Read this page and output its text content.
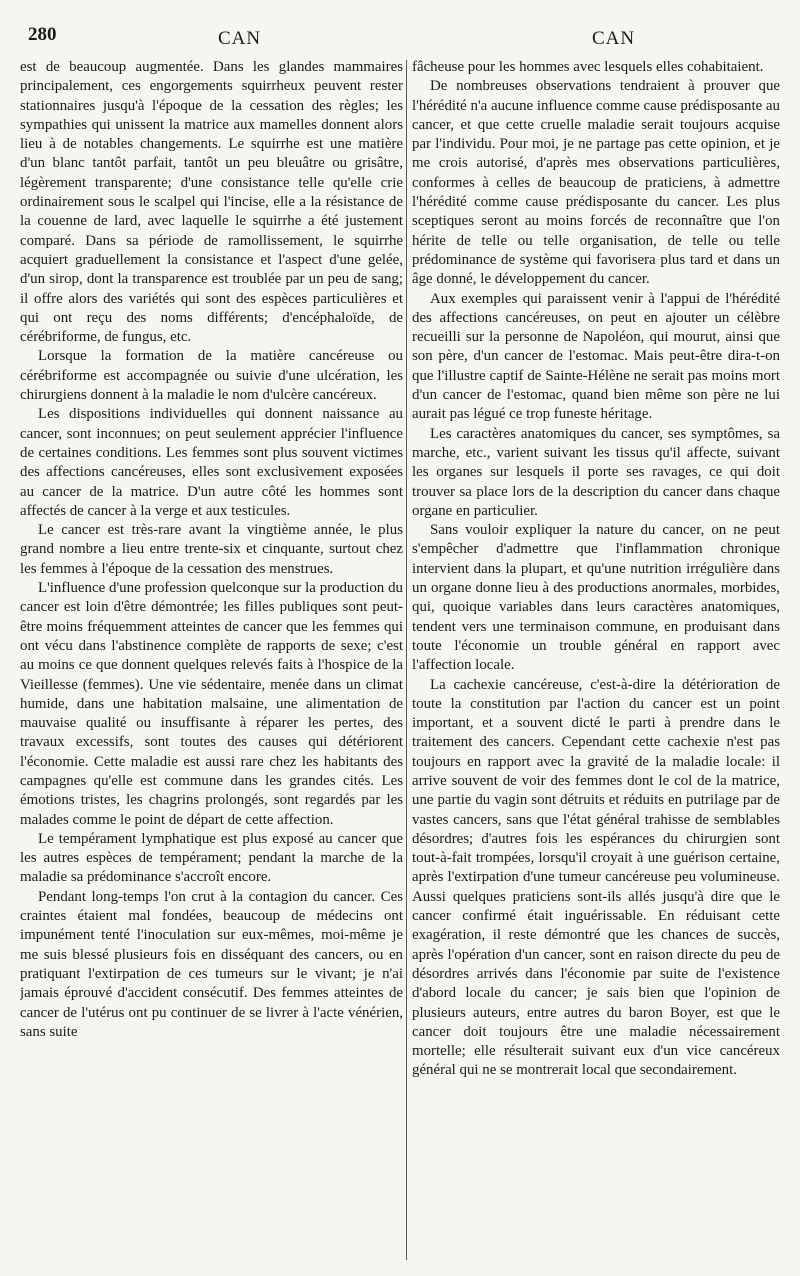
280	CAN	CAN

est de beaucoup augmentée. Dans les glandes mammaires principalement, ces engorgements squirrheux peuvent rester stationnaires jusqu'à l'époque de la cessation des règles; les sympathies qui unissent la matrice aux mamelles donnent alors lieu à de notables changements. Le squirrhe est une matière d'un blanc tantôt parfait, tantôt un peu bleuâtre ou grisâtre, légèrement transparente; d'une consistance telle qu'elle crie ordinairement sous le scalpel qui l'incise, elle a la résistance de la couenne de lard, avec laquelle le squirrhe a été justement comparé. Dans sa période de ramollissement, le squirrhe acquiert graduellement la consistance et l'aspect d'une gelée, d'un sirop, dont la transparence est troublée par un peu de sang; il offre alors des variétés qui sont des espèces particulières et qui ont reçu des noms différents; d'encéphaloïde, de cérébriforme, de fungus, etc.

Lorsque la formation de la matière cancéreuse ou cérébriforme est accompagnée ou suivie d'une ulcération, les chirurgiens donnent à la maladie le nom d'ulcère cancéreux.

Les dispositions individuelles qui donnent naissance au cancer, sont inconnues; on peut seulement apprécier l'influence de certaines conditions. Les femmes sont plus souvent victimes des affections cancéreuses, elles sont exclusivement exposées au cancer de la matrice. D'un autre côté les hommes sont affectés de cancer à la verge et aux testicules.

Le cancer est très-rare avant la vingtième année, le plus grand nombre a lieu entre trente-six et cinquante, surtout chez les femmes à l'époque de la cessation des menstrues.

L'influence d'une profession quelconque sur la production du cancer est loin d'être démontrée; les filles publiques sont peut-être moins fréquemment atteintes de cancer que les femmes qui ont vécu dans l'abstinence complète de rapports de sexe; c'est au moins ce que donnent quelques relevés faits à l'hospice de la Vieillesse (femmes). Une vie sédentaire, menée dans un climat humide, dans une habitation malsaine, une alimentation de mauvaise qualité ou insuffisante à réparer les pertes, des travaux excessifs, sont toutes des causes qui détériorent l'économie. Cette maladie est aussi rare chez les habitants des campagnes qu'elle est commune dans les grandes cités. Les émotions tristes, les chagrins prolongés, sont regardés par les malades comme le point de départ de cette affection.

Le tempérament lymphatique est plus exposé au cancer que les autres espèces de tempérament; pendant la marche de la maladie sa prédominance s'accroît encore.

Pendant long-temps l'on crut à la contagion du cancer. Ces craintes étaient mal fondées, beaucoup de médecins ont impunément tenté l'inoculation sur eux-mêmes, moi-même je me suis blessé plusieurs fois en disséquant des cancers, ou en pratiquant l'extirpation de ces tumeurs sur le vivant; je n'ai jamais éprouvé d'accident consécutif. Des femmes atteintes de cancer de l'utérus ont pu continuer de se livrer à l'acte vénérien, sans suite

fâcheuse pour les hommes avec lesquels elles cohabitaient.

De nombreuses observations tendraient à prouver que l'hérédité n'a aucune influence comme cause prédisposante au cancer, et que cette cruelle maladie serait toujours acquise par l'individu. Pour moi, je ne partage pas cette opinion, et je me crois autorisé, d'après mes observations particulières, conformes à celles de beaucoup de praticiens, à admettre l'hérédité comme cause prédisposante du cancer. Les plus sceptiques seront au moins forcés de reconnaître que l'on hérite de telle ou telle organisation, de telle ou telle prédominance de système qui favorisera plus tard et dans un âge donné, le développement du cancer.

Aux exemples qui paraissent venir à l'appui de l'hérédité des affections cancéreuses, on peut en ajouter un célèbre recueilli sur la personne de Napoléon, qui mourut, ainsi que son père, d'un cancer de l'estomac. Mais peut-être dira-t-on que l'illustre captif de Sainte-Hélène ne serait pas moins mort d'un cancer de l'estomac, quand bien même son père ne lui aurait pas légué ce trop funeste héritage.

Les caractères anatomiques du cancer, ses symptômes, sa marche, etc., varient suivant les tissus qu'il affecte, suivant les organes sur lesquels il porte ses ravages, ce qui doit trouver sa place lors de la description du cancer dans chaque organe en particulier.

Sans vouloir expliquer la nature du cancer, on ne peut s'empêcher d'admettre que l'inflammation chronique intervient dans la plupart, et qu'une nutrition irrégulière dans un organe donne lieu à des productions anormales, morbides, qui, quoique variables dans leurs caractères anatomiques, tendent vers une terminaison commune, en produisant dans toute l'économie un trouble général en rapport avec l'affection locale.

La cachexie cancéreuse, c'est-à-dire la détérioration de toute la constitution par l'action du cancer est un point important, et a souvent dicté le parti à prendre dans le traitement des cancers. Cependant cette cachexie n'est pas toujours en rapport avec la gravité de la maladie locale: il arrive souvent de voir des femmes dont le col de la matrice, une partie du vagin sont détruits et réduits en putrilage par de vastes cancers, sans que l'état général trahisse de semblables désordres; d'autres fois les espérances du chirurgien sont tout-à-fait trompées, lorsqu'il croyait à une guérison certaine, après l'extirpation d'une tumeur cancéreuse peu volumineuse. Aussi quelques praticiens sont-ils allés jusqu'à dire que le cancer confirmé était inguérissable. En réduisant cette exagération, il reste démontré que les chances de succès, après l'opération d'un cancer, sont en raison directe du peu de désordres arrivés dans l'économie par suite de l'existence d'abord locale du cancer; je sais bien que l'opinion de plusieurs auteurs, entre autres du baron Boyer, est que le cancer doit toujours être une maladie nécessairement mortelle; elle résulterait suivant eux d'un vice cancéreux général qui ne se montrerait local que secondairement.
